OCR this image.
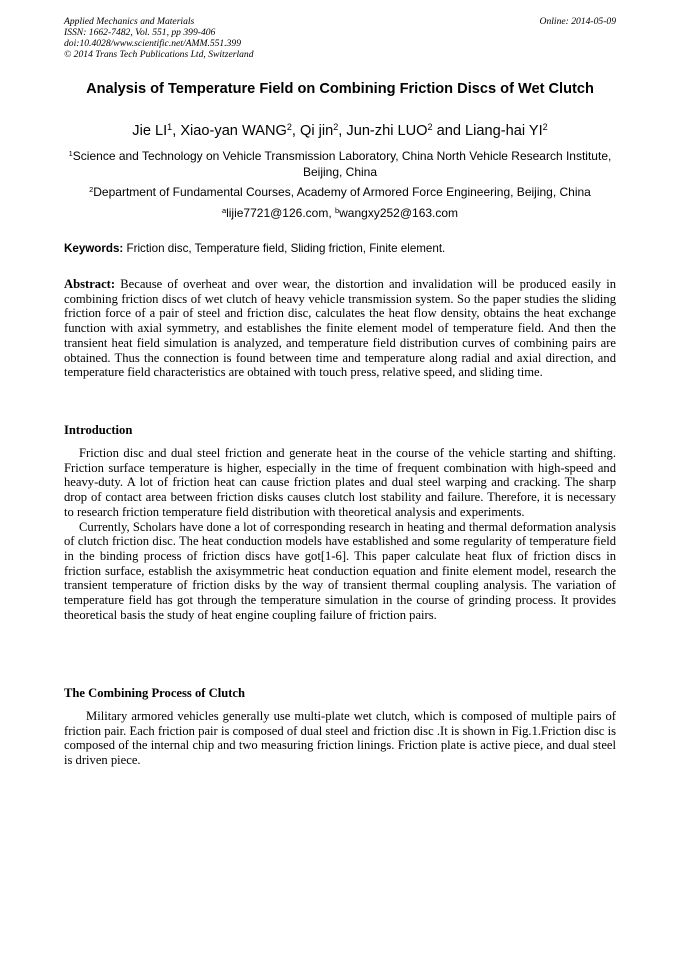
Applied Mechanics and Materials
ISSN: 1662-7482, Vol. 551, pp 399-406
doi:10.4028/www.scientific.net/AMM.551.399
© 2014 Trans Tech Publications Ltd, Switzerland
Online: 2014-05-09
Analysis of Temperature Field on Combining Friction Discs of Wet Clutch
Jie $LI^1$, Xiao-yan WANG$^2$, Qi jin$^2$, Jun-zhi LUO$^2$ and Liang-hai $YI^2$
$^1$Science and Technology on Vehicle Transmission Laboratory, China North Vehicle Research Institute, Beijing, China
$^2$Department of Fundamental Courses, Academy of Armored Force Engineering, Beijing, China
$^a$lijie7721@126.com, $^b$wangxy252@163.com
Keywords: Friction disc, Temperature field, Sliding friction, Finite element.

Abstract: Because of overheat and over wear, the distortion and invalidation will be produced easily in combining friction discs of wet clutch of heavy vehicle transmission system. So the paper studies the sliding friction force of a pair of steel and friction disc, calculates the heat flow density, obtains the heat exchange function with axial symmetry, and establishes the finite element model of temperature field. And then the transient heat field simulation is analyzed, and temperature field distribution curves of combining pairs are obtained. Thus the connection is found between time and temperature along radial and axial direction, and temperature field characteristics are obtained with touch press, relative speed, and sliding time.

Introduction

Friction disc and dual steel friction and generate heat in the course of the vehicle starting and shifting. Friction surface temperature is higher, especially in the time of frequent combination with high-speed and heavy-duty. A lot of friction heat can cause friction plates and dual steel warping and cracking. The sharp drop of contact area between friction disks causes clutch lost stability and failure. Therefore, it is necessary to research friction temperature field distribution with theoretical analysis and experiments.

Currently, Scholars have done a lot of corresponding research in heating and thermal deformation analysis of clutch friction disc. The heat conduction models have established and some regularity of temperature field in the binding process of friction discs have got[1-6]. This paper calculate heat flux of friction discs in friction surface, establish the axisymmetric heat conduction equation and finite element model, research the transient temperature of friction disks by the way of transient thermal coupling analysis. The variation of temperature field has got through the temperature simulation in the course of grinding process. It provides theoretical basis the study of heat engine coupling failure of friction pairs.

The Combining Process of Clutch

Military armored vehicles generally use multi-plate wet clutch, which is composed of multiple pairs of friction pair. Each friction pair is composed of dual steel and friction disc .It is shown in Fig.1.Friction disc is composed of the internal chip and two measuring friction linings. Friction plate is active piece, and dual steel is driven piece.
